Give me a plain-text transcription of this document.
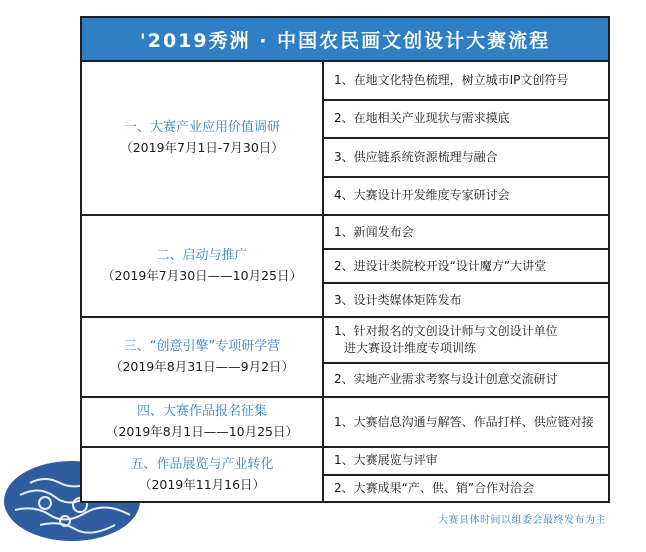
'2019秀洲 · 中国农民画文创设计大赛流程
一、大赛产业应用价值调研
（2019年7月1日-7月30日）
1、在地文化特色梳理，树立城市IP文创符号
2、在地相关产业现状与需求摸底
3、供应链系统资源梳理与融合
4、大赛设计开发维度专家研讨会
二、启动与推广
（2019年7月30日——10月25日）
1、新闻发布会
2、进设计类院校开设“设计魔方”大讲堂
3、设计类媒体矩阵发布
三、“创意引擎”专项研学营
（2019年8月31日——9月2日）
1、针对报名的文创设计师与文创设计单位
进大赛设计维度专项训练
2、实地产业需求考察与设计创意交流研讨
四、大赛作品报名征集
（2019年8月1日——10月25日）
1、大赛信息沟通与解答、作品打样、供应链对接
五、作品展览与产业转化
（2019年11月16日）
1、大赛展览与评审
2、大赛成果“产、供、销”合作对洽会
大赛具体时间以组委会最终发布为主
